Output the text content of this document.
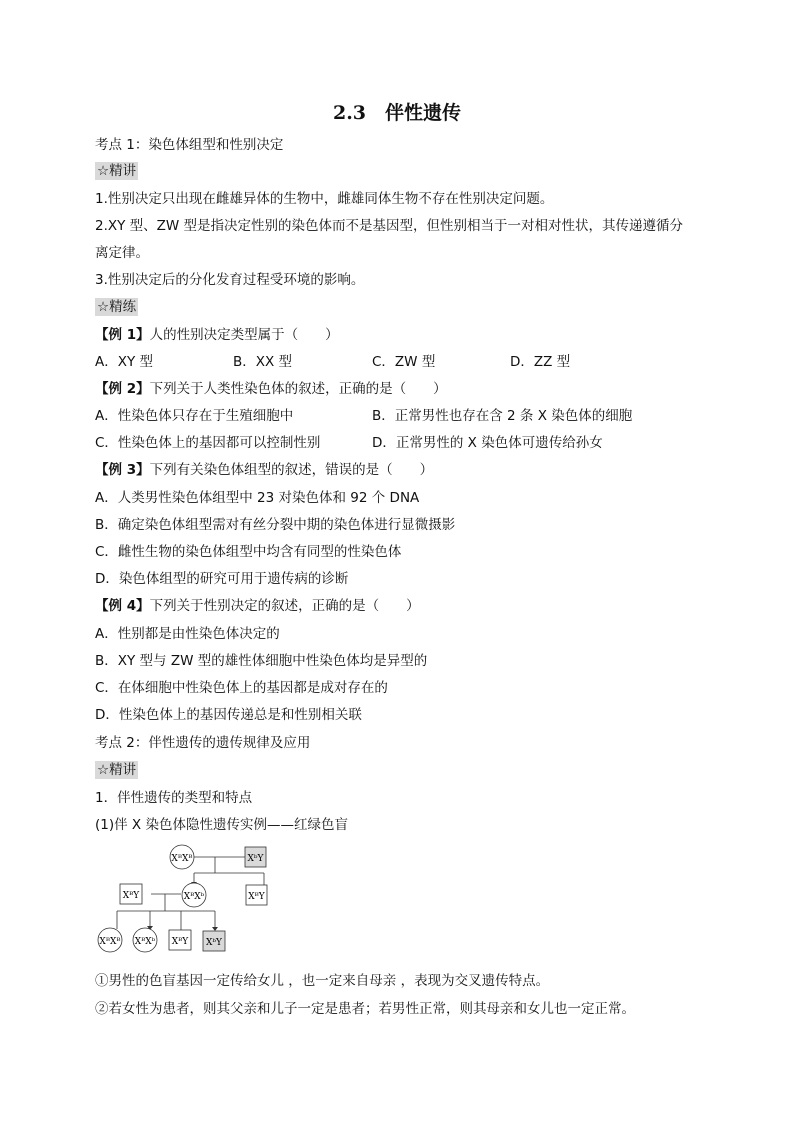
2.3　伴性遗传
考点 1：染色体组型和性别决定
☆精讲
1.性别决定只出现在雌雄异体的生物中，雌雄同体生物不存在性别决定问题。
2.XY 型、ZW 型是指决定性别的染色体而不是基因型，但性别相当于一对相对性状，其传递遵循分
离定律。
3.性别决定后的分化发育过程受环境的影响。
☆精练
【例 1】人的性别决定类型属于（　　）
A．XY 型	B．XX 型	C．ZW 型	D．ZZ 型
【例 2】下列关于人类性染色体的叙述，正确的是（　　）
A．性染色体只存在于生殖细胞中	B．正常男性也存在含 2 条 X 染色体的细胞
C．性染色体上的基因都可以控制性别	D．正常男性的 X 染色体可遗传给孙女
【例 3】下列有关染色体组型的叙述，错误的是（　　）
A．人类男性染色体组型中 23 对染色体和 92 个 DNA
B．确定染色体组型需对有丝分裂中期的染色体进行显微摄影
C．雌性生物的染色体组型中均含有同型的性染色体
D．染色体组型的研究可用于遗传病的诊断
【例 4】下列关于性别决定的叙述，正确的是（　　）
A．性别都是由性染色体决定的
B．XY 型与 ZW 型的雄性体细胞中性染色体均是异型的
C．在体细胞中性染色体上的基因都是成对存在的
D．性染色体上的基因传递总是和性别相关联
考点 2：伴性遗传的遗传规律及应用
☆精讲
1．伴性遗传的类型和特点
(1)伴 X 染色体隐性遗传实例——红绿色盲
XᴮXᴮ	XᵇY
XᴮY	XᴮXᵇ	XᴮY
XᴮXᴮ XᴮXᵇ XᴮY XᵇY
①男性的色盲基因一定传给女儿 ，也一定来自母亲 ，表现为交叉遗传特点。
②若女性为患者，则其父亲和儿子一定是患者；若男性正常，则其母亲和女儿也一定正常。
